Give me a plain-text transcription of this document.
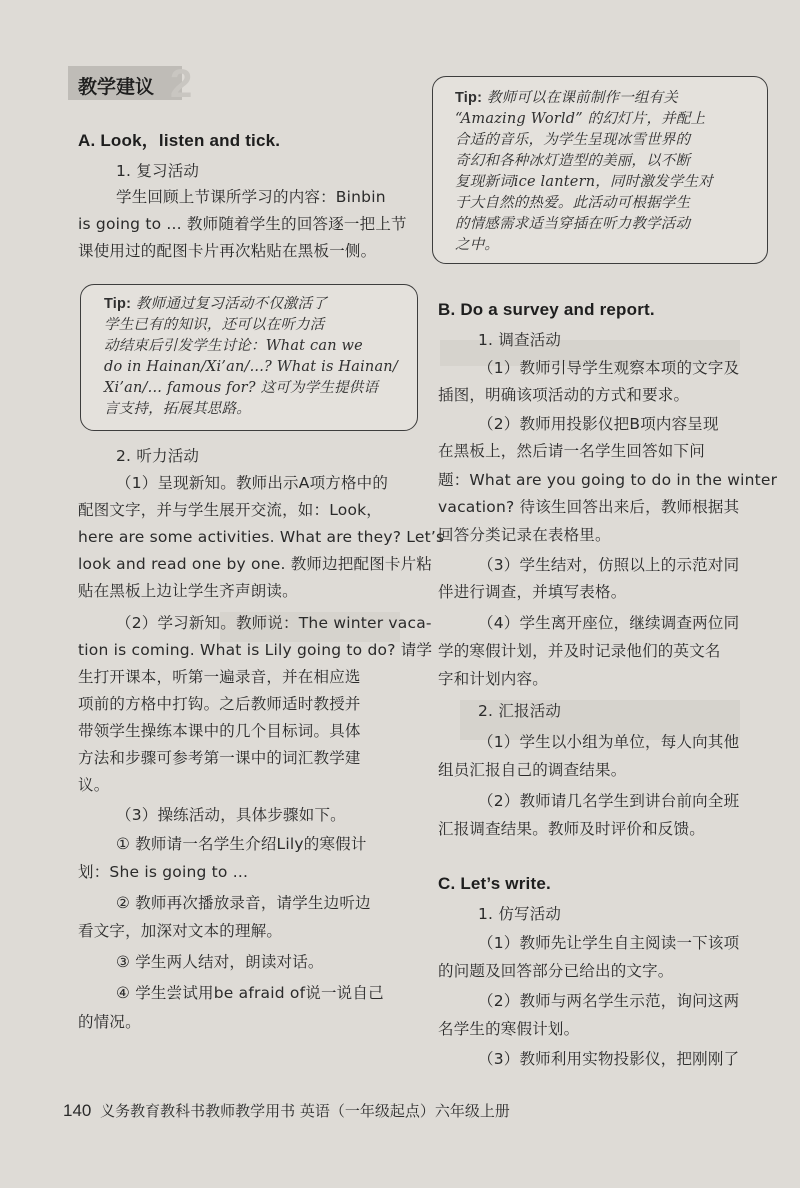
2
教学建议	Tip: 教师可以在课前制作一组有关
“Amazing World” 的幻灯片，并配上
合适的音乐，为学生呈现冰雪世界的
奇幻和各种冰灯造型的美丽，以不断
复现新词ice lantern，同时激发学生对
于大自然的热爱。此活动可根据学生
的情感需求适当穿插在听力教学活动
之中。
A. Look，listen and tick.
1. 复习活动
学生回顾上节课所学习的内容：Binbin
is going to ... 教师随着学生的回答逐一把上节
课使用过的配图卡片再次粘贴在黑板一侧。
Tip: 教师通过复习活动不仅激活了
学生已有的知识，还可以在听力活
动结束后引发学生讨论：What can we
do in Hainan/Xi’an/...? What is Hainan/
Xi’an/... famous for? 这可为学生提供语
言支持，拓展其思路。
2. 听力活动
（1）呈现新知。教师出示A项方格中的
配图文字，并与学生展开交流，如：Look，
here are some activities. What are they? Let’s
look and read one by one. 教师边把配图卡片粘
贴在黑板上边让学生齐声朗读。
（2）学习新知。教师说：The winter vaca-
tion is coming. What is Lily going to do? 请学
生打开课本，听第一遍录音，并在相应选
项前的方格中打钩。之后教师适时教授并
带领学生操练本课中的几个目标词。具体
方法和步骤可参考第一课中的词汇教学建
议。
（3）操练活动，具体步骤如下。
① 教师请一名学生介绍Lily的寒假计
划：She is going to ...
② 教师再次播放录音，请学生边听边
看文字，加深对文本的理解。
③ 学生两人结对，朗读对话。
④ 学生尝试用be afraid of说一说自己
的情况。
B. Do a survey and report.
1. 调查活动
（1）教师引导学生观察本项的文字及
插图，明确该项活动的方式和要求。
（2）教师用投影仪把B项内容呈现
在黑板上，然后请一名学生回答如下问
题：What are you going to do in the winter
vacation? 待该生回答出来后，教师根据其
回答分类记录在表格里。
（3）学生结对，仿照以上的示范对同
伴进行调查，并填写表格。
（4）学生离开座位，继续调查两位同
学的寒假计划，并及时记录他们的英文名
字和计划内容。
2. 汇报活动
（1）学生以小组为单位，每人向其他
组员汇报自己的调查结果。
（2）教师请几名学生到讲台前向全班
汇报调查结果。教师及时评价和反馈。
C. Let’s write.
1. 仿写活动
（1）教师先让学生自主阅读一下该项
的问题及回答部分已给出的文字。
（2）教师与两名学生示范，询问这两
名学生的寒假计划。
（3）教师利用实物投影仪，把刚刚了
140 义务教育教科书教师教学用书 英语（一年级起点）六年级上册
